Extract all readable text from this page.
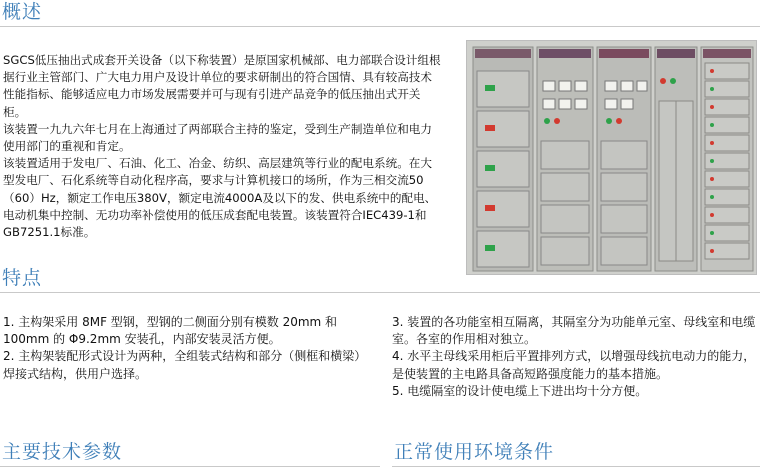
概述

SGCS低压抽出式成套开关设备（以下称装置）是原国家机械部、电力部联合设计组根据行业主管部门、广大电力用户及设计单位的要求研制出的符合国情、具有较高技术性能指标、能够适应电力市场发展需要并可与现有引进产品竞争的低压抽出式开关柜。

该装置一九九六年七月在上海通过了两部联合主持的鉴定，受到生产制造单位和电力使用部门的重视和肯定。

该装置适用于发电厂、石油、化工、冶金、纺织、高层建筑等行业的配电系统。在大型发电厂、石化系统等自动化程序高，要求与计算机接口的场所，作为三相交流50（60）Hz，额定工作电压380V，额定电流4000A及以下的发、供电系统中的配电、电动机集中控制、无功功率补偿使用的低压成套配电装置。该装置符合IEC439-1和GB7251.1标准。

特点

1. 主构架采用 8MF 型钢，型钢的二侧面分别有模数 20mm 和 100mm 的 Φ9.2mm 安装孔，内部安装灵活方便。

2. 主构架装配形式设计为两种，全组装式结构和部分（侧框和横梁）焊接式结构，供用户选择。

3. 装置的各功能室相互隔离，其隔室分为功能单元室、母线室和电缆室。各室的作用相对独立。

4. 水平主母线采用柜后平置排列方式，以增强母线抗电动力的能力，是使装置的主电路具备高短路强度能力的基本措施。

5. 电缆隔室的设计使电缆上下进出均十分方便。

主要技术参数	正常使用环境条件
